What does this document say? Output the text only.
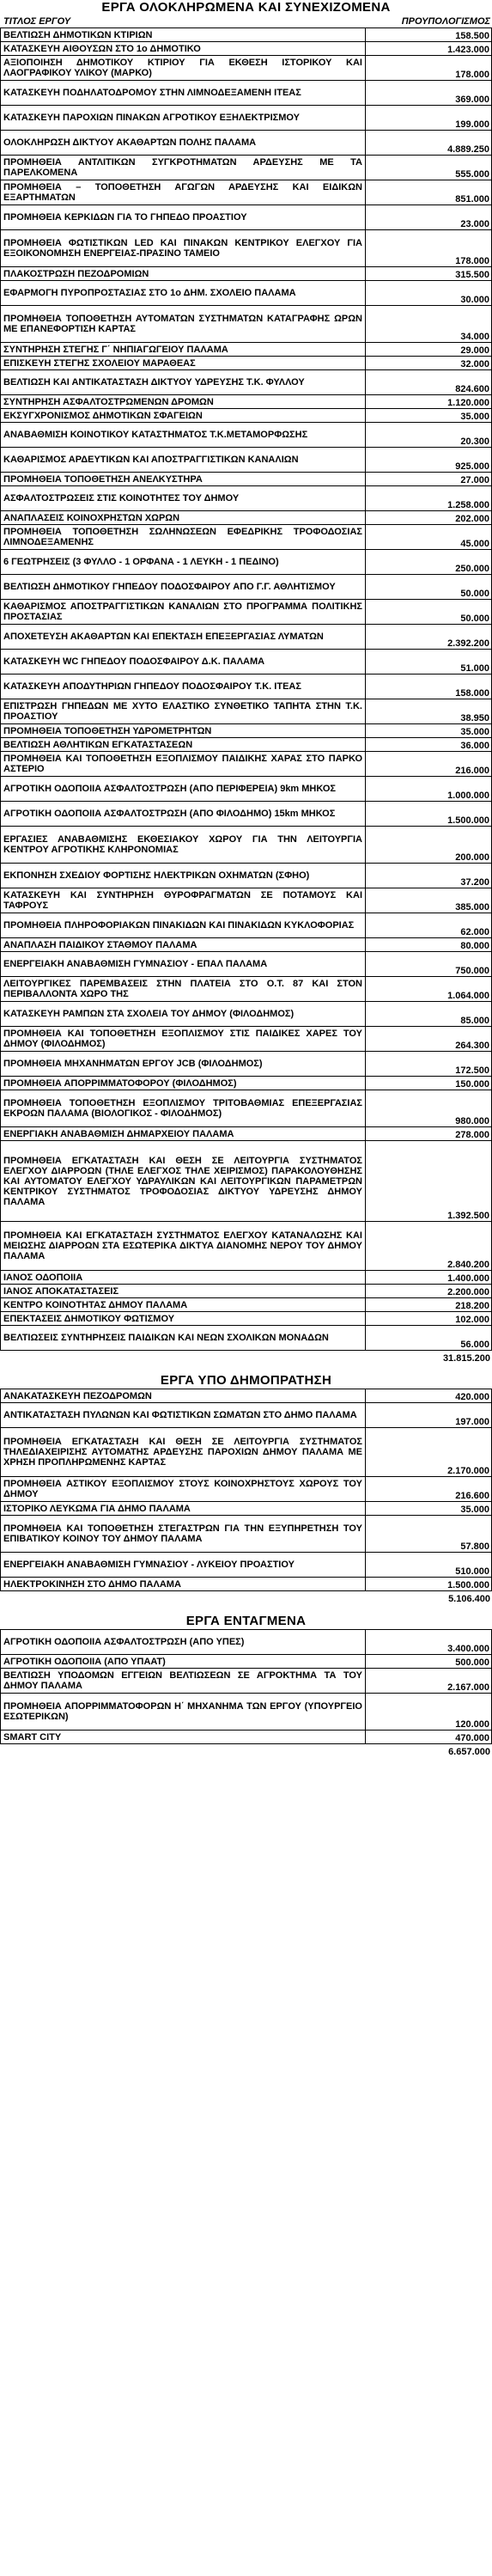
ΕΡΓΑ ΟΛΟΚΛΗΡΩΜΕΝΑ ΚΑΙ ΣΥΝΕΧΙΖΟΜΕΝΑ
ΤΙΤΛΟΣ ΕΡΓΟΥ	ΠΡΟΥΠΟΛΟΓΙΣΜΟΣ
ΒΕΛΤΙΩΣΗ ΔΗΜΟΤΙΚΩΝ ΚΤΙΡΙΩΝ	158.500
ΚΑΤΑΣΚΕΥΗ ΑΙΘΟΥΣΩΝ ΣΤΟ 1ο ΔΗΜΟΤΙΚΟ	1.423.000
ΑΞΙΟΠΟΙΗΣΗ ΔΗΜΟΤΙΚΟΥ ΚΤΙΡΙΟΥ ΓΙΑ ΕΚΘΕΣΗ ΙΣΤΟΡΙΚΟΥ ΚΑΙ ΛΑΟΓΡΑΦΙΚΟΥ ΥΛΙΚΟΥ (ΜΑΡΚΟ)	178.000
ΚΑΤΑΣΚΕΥΗ ΠΟΔΗΛΑΤΟΔΡΟΜΟΥ ΣΤΗΝ ΛΙΜΝΟΔΕΞΑΜΕΝΗ ΙΤΕΑΣ	369.000
ΚΑΤΑΣΚΕΥΗ ΠΑΡΟΧΙΩΝ ΠΙΝΑΚΩΝ ΑΓΡΟΤΙΚΟΥ ΕΞΗΛΕΚΤΡΙΣΜΟΥ	199.000
ΟΛΟΚΛΗΡΩΣΗ ΔΙΚΤΥΟΥ ΑΚΑΘΑΡΤΩΝ ΠΟΛΗΣ ΠΑΛΑΜΑ	4.889.250
ΠΡΟΜΗΘΕΙΑ ΑΝΤΛΙΤΙΚΩΝ ΣΥΓΚΡΟΤΗΜΑΤΩΝ ΑΡΔΕΥΣΗΣ ΜΕ ΤΑ ΠΑΡΕΛΚΟΜΕΝΑ	555.000
ΠΡΟΜΗΘΕΙΑ – ΤΟΠΟΘΕΤΗΣΗ ΑΓΩΓΩΝ ΑΡΔΕΥΣΗΣ ΚΑΙ ΕΙΔΙΚΩΝ ΕΞΑΡΤΗΜΑΤΩΝ	851.000
ΠΡΟΜΗΘΕΙΑ ΚΕΡΚΙΔΩΝ ΓΙΑ ΤΟ ΓΗΠΕΔΟ ΠΡΟΑΣΤΙΟΥ	23.000
ΠΡΟΜΗΘΕΙΑ ΦΩΤΙΣΤΙΚΩΝ LED ΚΑΙ ΠΙΝΑΚΩΝ ΚΕΝΤΡΙΚΟΥ ΕΛΕΓΧΟΥ ΓΙΑ ΕΞΟΙΚΟΝΟΜΗΣΗ ΕΝΕΡΓΕΙΑΣ-ΠΡΑΣΙΝΟ ΤΑΜΕΙΟ	178.000
ΠΛΑΚΟΣΤΡΩΣΗ ΠΕΖΟΔΡΟΜΙΩΝ	315.500
ΕΦΑΡΜΟΓΗ ΠΥΡΟΠΡΟΣΤΑΣΙΑΣ ΣΤΟ 1ο ΔΗΜ. ΣΧΟΛΕΙΟ ΠΑΛΑΜΑ	30.000
ΠΡΟΜΗΘΕΙΑ ΤΟΠΟΘΕΤΗΣΗ ΑΥΤΟΜΑΤΩΝ ΣΥΣΤΗΜΑΤΩΝ ΚΑΤΑΓΡΑΦΗΣ ΩΡΩΝ ΜΕ ΕΠΑΝΕΦΟΡΤΙΣΗ ΚΑΡΤΑΣ	34.000
ΣΥΝΤΗΡΗΣΗ ΣΤΕΓΗΣ Γ΄ ΝΗΠΙΑΓΩΓΕΙΟΥ ΠΑΛΑΜΑ	29.000
ΕΠΙΣΚΕΥΗ ΣΤΕΓΗΣ ΣΧΟΛΕΙΟΥ ΜΑΡΑΘΕΑΣ	32.000
ΒΕΛΤΙΩΣΗ ΚΑΙ ΑΝΤΙΚΑΤΑΣΤΑΣΗ ΔΙΚΤΥΟΥ ΥΔΡΕΥΣΗΣ Τ.Κ. ΦΥΛΛΟΥ	824.600
ΣΥΝΤΗΡΗΣΗ ΑΣΦΑΛΤΟΣΤΡΩΜΕΝΩΝ ΔΡΟΜΩΝ	1.120.000
ΕΚΣΥΓΧΡΟΝΙΣΜΟΣ ΔΗΜΟΤΙΚΩΝ ΣΦΑΓΕΙΩΝ	35.000
ΑΝΑΒΑΘΜΙΣΗ ΚΟΙΝΟΤΙΚΟΥ ΚΑΤΑΣΤΗΜΑΤΟΣ Τ.Κ.ΜΕΤΑΜΟΡΦΩΣΗΣ	20.300
ΚΑΘΑΡΙΣΜΟΣ ΑΡΔΕΥΤΙΚΩΝ ΚΑΙ ΑΠΟΣΤΡΑΓΓΙΣΤΙΚΩΝ ΚΑΝΑΛΙΩΝ	925.000
ΠΡΟΜΗΘΕΙΑ ΤΟΠΟΘΕΤΗΣΗ ΑΝΕΛΚΥΣΤΗΡΑ	27.000
ΑΣΦΑΛΤΟΣΤΡΩΣΕΙΣ ΣΤΙΣ ΚΟΙΝΟΤΗΤΕΣ ΤΟΥ ΔΗΜΟΥ	1.258.000
ΑΝΑΠΛΑΣΕΙΣ ΚΟΙΝΟΧΡΗΣΤΩΝ ΧΩΡΩΝ	202.000
ΠΡΟΜΗΘΕΙΑ ΤΟΠΟΘΕΤΗΣΗ ΣΩΛΗΝΩΣΕΩΝ ΕΦΕΔΡΙΚΗΣ ΤΡΟΦΟΔΟΣΙΑΣ ΛΙΜΝΟΔΕΞΑΜΕΝΗΣ	45.000
6 ΓΕΩΤΡΗΣΕΙΣ (3 ΦΥΛΛΟ - 1 ΟΡΦΑΝΑ - 1 ΛΕΥΚΗ - 1 ΠΕΔΙΝΟ)	250.000
ΒΕΛΤΙΩΣΗ ΔΗΜΟΤΙΚΟΥ ΓΗΠΕΔΟΥ ΠΟΔΟΣΦΑΙΡΟΥ ΑΠΟ Γ.Γ. ΑΘΛΗΤΙΣΜΟΥ	50.000
ΚΑΘΑΡΙΣΜΟΣ ΑΠΟΣΤΡΑΓΓΙΣΤΙΚΩΝ ΚΑΝΑΛΙΩΝ ΣΤΟ ΠΡΟΓΡΑΜΜΑ ΠΟΛΙΤΙΚΗΣ ΠΡΟΣΤΑΣΙΑΣ	50.000
ΑΠΟΧΕΤΕΥΣΗ ΑΚΑΘΑΡΤΩΝ ΚΑΙ ΕΠΕΚΤΑΣΗ ΕΠΕΞΕΡΓΑΣΙΑΣ ΛΥΜΑΤΩΝ	2.392.200
ΚΑΤΑΣΚΕΥΗ WC ΓΗΠΕΔΟΥ ΠΟΔΟΣΦΑΙΡΟΥ Δ.Κ. ΠΑΛΑΜΑ	51.000
ΚΑΤΑΣΚΕΥΗ ΑΠΟΔΥΤΗΡΙΩΝ ΓΗΠΕΔΟΥ ΠΟΔΟΣΦΑΙΡΟΥ Τ.Κ. ΙΤΕΑΣ	158.000
ΕΠΙΣΤΡΩΣΗ ΓΗΠΕΔΩΝ ΜΕ ΧΥΤΟ ΕΛΑΣΤΙΚΟ ΣΥΝΘΕΤΙΚΟ ΤΑΠΗΤΑ ΣΤΗΝ Τ.Κ. ΠΡΟΑΣΤΙΟΥ	38.950
ΠΡΟΜΗΘΕΙΑ ΤΟΠΟΘΕΤΗΣΗ ΥΔΡΟΜΕΤΡΗΤΩΝ	35.000
ΒΕΛΤΙΩΣΗ ΑΘΛΗΤΙΚΩΝ ΕΓΚΑΤΑΣΤΑΣΕΩΝ	36.000
ΠΡΟΜΗΘΕΙΑ ΚΑΙ ΤΟΠΟΘΕΤΗΣΗ ΕΞΟΠΛΙΣΜΟΥ ΠΑΙΔΙΚΗΣ ΧΑΡΑΣ ΣΤΟ ΠΑΡΚΟ ΑΣΤΕΡΙΟ	216.000
ΑΓΡΟΤΙΚΗ ΟΔΟΠΟΙΙΑ ΑΣΦΑΛΤΟΣΤΡΩΣΗ (ΑΠΟ ΠΕΡΙΦΕΡΕΙΑ) 9km ΜΗΚΟΣ	1.000.000
ΑΓΡΟΤΙΚΗ ΟΔΟΠΟΙΙΑ ΑΣΦΑΛΤΟΣΤΡΩΣΗ (ΑΠΟ ΦΙΛΟΔΗΜΟ) 15km ΜΗΚΟΣ	1.500.000
ΕΡΓΑΣΙΕΣ ΑΝΑΒΑΘΜΙΣΗΣ ΕΚΘΕΣΙΑΚΟΥ ΧΩΡΟΥ ΓΙΑ ΤΗΝ ΛΕΙΤΟΥΡΓΙΑ ΚΕΝΤΡΟΥ ΑΓΡΟΤΙΚΗΣ ΚΛΗΡΟΝΟΜΙΑΣ	200.000
ΕΚΠΟΝΗΣΗ ΣΧΕΔΙΟΥ ΦΟΡΤΙΣΗΣ ΗΛΕΚΤΡΙΚΩΝ ΟΧΗΜΑΤΩΝ (ΣΦΗΟ)	37.200
ΚΑΤΑΣΚΕΥΗ ΚΑΙ ΣΥΝΤΗΡΗΣΗ ΘΥΡΟΦΡΑΓΜΑΤΩΝ ΣΕ ΠΟΤΑΜΟΥΣ ΚΑΙ ΤΑΦΡΟΥΣ	385.000
ΠΡΟΜΗΘΕΙΑ ΠΛΗΡΟΦΟΡΙΑΚΩΝ ΠΙΝΑΚΙΔΩΝ ΚΑΙ ΠΙΝΑΚΙΔΩΝ ΚΥΚΛΟΦΟΡΙΑΣ	62.000
ΑΝΑΠΛΑΣΗ ΠΑΙΔΙΚΟΥ ΣΤΑΘΜΟΥ ΠΑΛΑΜΑ	80.000
ΕΝΕΡΓΕΙΑΚΗ ΑΝΑΒΑΘΜΙΣΗ ΓΥΜΝΑΣΙΟΥ - ΕΠΑΛ ΠΑΛΑΜΑ	750.000
ΛΕΙΤΟΥΡΓΙΚΕΣ ΠΑΡΕΜΒΑΣΕΙΣ ΣΤΗΝ ΠΛΑΤΕΙΑ ΣΤΟ Ο.Τ. 87 ΚΑΙ ΣΤΟΝ ΠΕΡΙΒΑΛΛΟΝΤΑ ΧΩΡΟ ΤΗΣ	1.064.000
ΚΑΤΑΣΚΕΥΗ ΡΑΜΠΩΝ ΣΤΑ ΣΧΟΛΕΙΑ ΤΟΥ ΔΗΜΟΥ (ΦΙΛΟΔΗΜΟΣ)	85.000
ΠΡΟΜΗΘΕΙΑ ΚΑΙ ΤΟΠΟΘΕΤΗΣΗ ΕΞΟΠΛΙΣΜΟΥ ΣΤΙΣ ΠΑΙΔΙΚΕΣ ΧΑΡΕΣ ΤΟΥ ΔΗΜΟΥ (ΦΙΛΟΔΗΜΟΣ)	264.300
ΠΡΟΜΗΘΕΙΑ ΜΗΧΑΝΗΜΑΤΩΝ ΕΡΓΟΥ JCB (ΦΙΛΟΔΗΜΟΣ)	172.500
ΠΡΟΜΗΘΕΙΑ ΑΠΟΡΡΙΜΜΑΤΟΦΟΡΟΥ (ΦΙΛΟΔΗΜΟΣ)	150.000
ΠΡΟΜΗΘΕΙΑ ΤΟΠΟΘΕΤΗΣΗ ΕΞΟΠΛΙΣΜΟΥ ΤΡΙΤΟΒΑΘΜΙΑΣ ΕΠΕΞΕΡΓΑΣΙΑΣ ΕΚΡΟΩΝ ΠΑΛΑΜΑ (ΒΙΟΛΟΓΙΚΟΣ - ΦΙΛΟΔΗΜΟΣ)	980.000
ΕΝΕΡΓΙΑΚΗ ΑΝΑΒΑΘΜΙΣΗ ΔΗΜΑΡΧΕΙΟΥ ΠΑΛΑΜΑ	278.000
ΠΡΟΜΗΘΕΙΑ ΕΓΚΑΤΑΣΤΑΣΗ ΚΑΙ ΘΕΣΗ ΣΕ ΛΕΙΤΟΥΡΓΙΑ ΣΥΣΤΗΜΑΤΟΣ ΕΛΕΓΧΟΥ ΔΙΑΡΡΟΩΝ (ΤΗΛΕ ΕΛΕΓΧΟΣ ΤΗΛΕ ΧΕΙΡΙΣΜΟΣ) ΠΑΡΑΚΟΛΟΥΘΗΣΗΣ ΚΑΙ ΑΥΤΟΜΑΤΟΥ ΕΛΕΓΧΟΥ ΥΔΡΑΥΛΙΚΩΝ ΚΑΙ ΛΕΙΤΟΥΡΓΙΚΩΝ ΠΑΡΑΜΕΤΡΩΝ ΚΕΝΤΡΙΚΟΥ ΣΥΣΤΗΜΑΤΟΣ ΤΡΟΦΟΔΟΣΙΑΣ ΔΙΚΤΥΟΥ ΥΔΡΕΥΣΗΣ ΔΗΜΟΥ ΠΑΛΑΜΑ	1.392.500
ΠΡΟΜΗΘΕΙΑ ΚΑΙ ΕΓΚΑΤΑΣΤΑΣΗ ΣΥΣΤΗΜΑΤΟΣ ΕΛΕΓΧΟΥ ΚΑΤΑΝΑΛΩΣΗΣ ΚΑΙ ΜΕΙΩΣΗΣ ΔΙΑΡΡΟΩΝ ΣΤΑ ΕΣΩΤΕΡΙΚΑ ΔΙΚΤΥΑ ΔΙΑΝΟΜΗΣ ΝΕΡΟΥ ΤΟΥ ΔΗΜΟΥ ΠΑΛΑΜΑ	2.840.200
ΙΑΝΟΣ ΟΔΟΠΟΙΙΑ	1.400.000
ΙΑΝΟΣ ΑΠΟΚΑΤΑΣΤΑΣΕΙΣ	2.200.000
ΚΕΝΤΡΟ ΚΟΙΝΟΤΗΤΑΣ ΔΗΜΟΥ ΠΑΛΑΜΑ	218.200
ΕΠΕΚΤΑΣΕΙΣ ΔΗΜΟΤΙΚΟΥ ΦΩΤΙΣΜΟΥ	102.000
ΒΕΛΤΙΩΣΕΙΣ ΣΥΝΤΗΡΗΣΕΙΣ ΠΑΙΔΙΚΩΝ ΚΑΙ ΝΕΩΝ ΣΧΟΛΙΚΩΝ ΜΟΝΑΔΩΝ	56.000
31.815.200
ΕΡΓΑ ΥΠΟ ΔΗΜΟΠΡΑΤΗΣΗ
ΑΝΑΚΑΤΑΣΚΕΥΗ ΠΕΖΟΔΡΟΜΩΝ	420.000
ΑΝΤΙΚΑΤΑΣΤΑΣΗ ΠΥΛΩΝΩΝ ΚΑΙ ΦΩΤΙΣΤΙΚΩΝ ΣΩΜΑΤΩΝ ΣΤΟ ΔΗΜΟ ΠΑΛΑΜΑ	197.000
ΠΡΟΜΗΘΕΙΑ ΕΓΚΑΤΑΣΤΑΣΗ ΚΑΙ ΘΕΣΗ ΣΕ ΛΕΙΤΟΥΡΓΙΑ ΣΥΣΤΗΜΑΤΟΣ ΤΗΛΕΔΙΑΧΕΙΡΙΣΗΣ ΑΥΤΟΜΑΤΗΣ ΑΡΔΕΥΣΗΣ ΠΑΡΟΧΙΩΝ ΔΗΜΟΥ ΠΑΛΑΜΑ ΜΕ ΧΡΗΣΗ ΠΡΟΠΛΗΡΩΜΕΝΗΣ ΚΑΡΤΑΣ	2.170.000
ΠΡΟΜΗΘΕΙΑ ΑΣΤΙΚΟΥ ΕΞΟΠΛΙΣΜΟΥ ΣΤΟΥΣ ΚΟΙΝΟΧΡΗΣΤΟΥΣ ΧΩΡΟΥΣ ΤΟΥ ΔΗΜΟΥ	216.600
ΙΣΤΟΡΙΚΟ ΛΕΥΚΩΜΑ ΓΙΑ ΔΗΜΟ ΠΑΛΑΜΑ	35.000
ΠΡΟΜΗΘΕΙΑ ΚΑΙ ΤΟΠΟΘΕΤΗΣΗ ΣΤΕΓΑΣΤΡΩΝ ΓΙΑ ΤΗΝ ΕΞΥΠΗΡΕΤΗΣΗ ΤΟΥ ΕΠΙΒΑΤΙΚΟΥ ΚΟΙΝΟΥ ΤΟΥ ΔΗΜΟΥ ΠΑΛΑΜΑ	57.800
ΕΝΕΡΓΕΙΑΚΗ ΑΝΑΒΑΘΜΙΣΗ ΓΥΜΝΑΣΙΟΥ - ΛΥΚΕΙΟΥ ΠΡΟΑΣΤΙΟΥ	510.000
ΗΛΕΚΤΡΟΚΙΝΗΣΗ ΣΤΟ ΔΗΜΟ ΠΑΛΑΜΑ	1.500.000
5.106.400
ΕΡΓΑ ΕΝΤΑΓΜΕΝΑ
ΑΓΡΟΤΙΚΗ ΟΔΟΠΟΙΙΑ ΑΣΦΑΛΤΟΣΤΡΩΣΗ (ΑΠΟ ΥΠΕΣ)	3.400.000
ΑΓΡΟΤΙΚΗ ΟΔΟΠΟΙΙΑ (ΑΠΟ ΥΠΑΑΤ)	500.000
ΒΕΛΤΙΩΣΗ ΥΠΟΔΟΜΩΝ ΕΓΓΕΙΩΝ ΒΕΛΤΙΩΣΕΩΝ ΣΕ ΑΓΡΟΚΤΗΜΑ ΤΑ ΤΟΥ ΔΗΜΟΥ ΠΑΛΑΜΑ	2.167.000
ΠΡΟΜΗΘΕΙΑ ΑΠΟΡΡΙΜΜΑΤΟΦΟΡΩΝ Η΄ ΜΗΧΑΝΗΜΑ ΤΩΝ ΕΡΓΟΥ (ΥΠΟΥΡΓΕΙΟ ΕΣΩΤΕΡΙΚΩΝ)	120.000
SMART CITY	470.000
6.657.000
